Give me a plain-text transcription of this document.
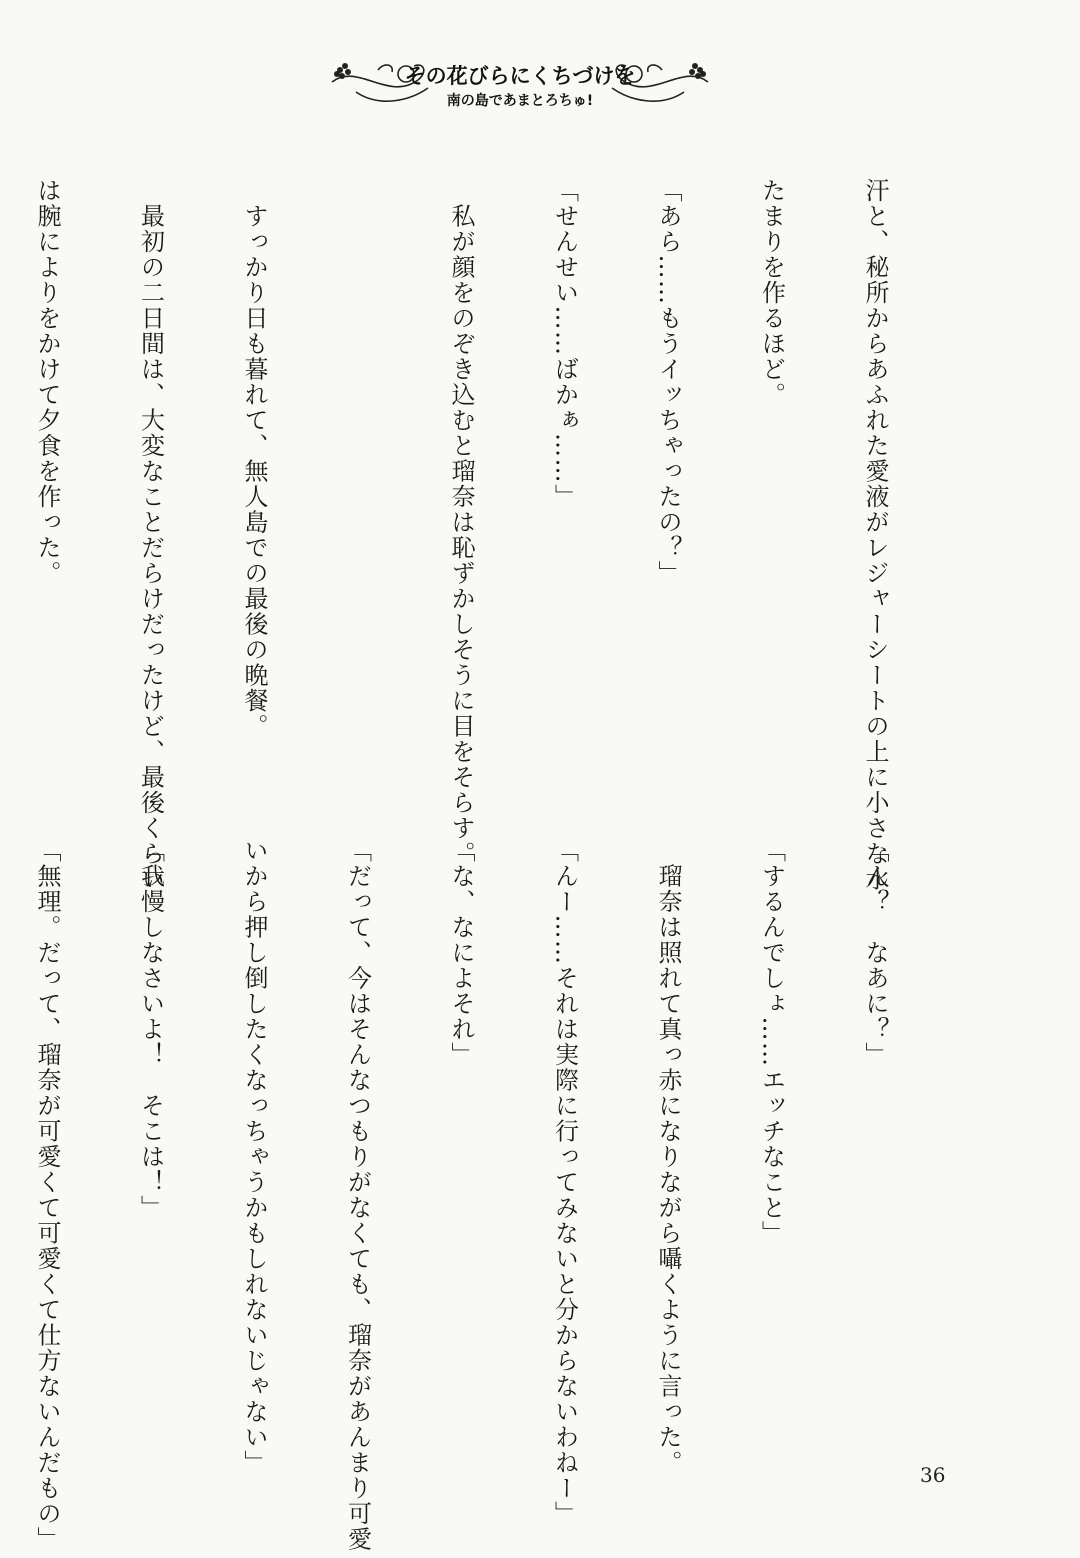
その花びらにくちづけを
南の島であまとろちゅ!

汗と、秘所からあふれた愛液がレジャーシートの上に小さな水

たまりを作るほど。

「あら……もうイッちゃったの？」

「せんせい……ばかぁ……」

　私が顔をのぞき込むと瑠奈は恥ずかしそうに目をそらす。

　すっかり日も暮れて、無人島での最後の晩餐。

　最初の二日間は、大変なことだらけだったけど、最後くらい

は腕によりをかけて夕食を作った。

「ん？　なあに？」

「するんでしょ……エッチなこと」

　瑠奈は照れて真っ赤になりながら囁くように言った。

「んー……それは実際に行ってみないと分からないわねー」

「な、なによそれ」

「だって、今はそんなつもりがなくても、瑠奈があんまり可愛

いから押し倒したくなっちゃうかもしれないじゃない」

「我慢しなさいよ！　そこは！」

「無理。だって、瑠奈が可愛くて可愛くて仕方ないんだもの」

	36
